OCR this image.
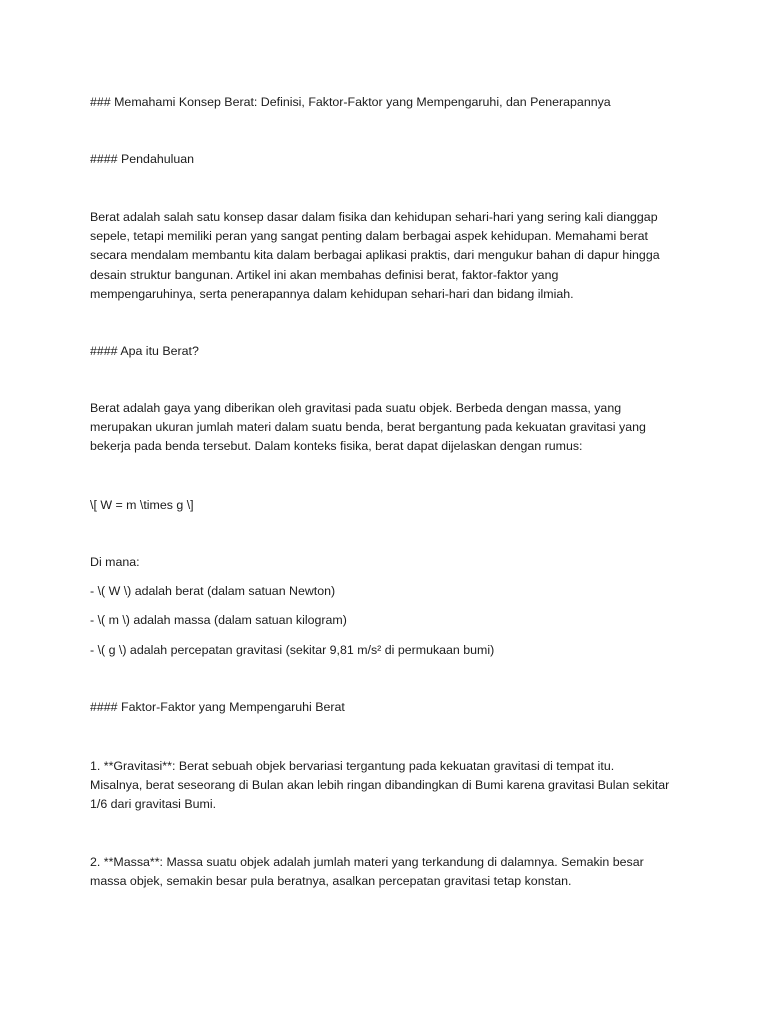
### Memahami Konsep Berat: Definisi, Faktor-Faktor yang Mempengaruhi, dan Penerapannya

#### Pendahuluan

Berat adalah salah satu konsep dasar dalam fisika dan kehidupan sehari-hari yang sering kali dianggap
sepele, tetapi memiliki peran yang sangat penting dalam berbagai aspek kehidupan. Memahami berat
secara mendalam membantu kita dalam berbagai aplikasi praktis, dari mengukur bahan di dapur hingga
desain struktur bangunan. Artikel ini akan membahas definisi berat, faktor-faktor yang
mempengaruhinya, serta penerapannya dalam kehidupan sehari-hari dan bidang ilmiah.

#### Apa itu Berat?

Berat adalah gaya yang diberikan oleh gravitasi pada suatu objek. Berbeda dengan massa, yang
merupakan ukuran jumlah materi dalam suatu benda, berat bergantung pada kekuatan gravitasi yang
bekerja pada benda tersebut. Dalam konteks fisika, berat dapat dijelaskan dengan rumus:

\[ W = m \times g \]

Di mana:

- \( W \) adalah berat (dalam satuan Newton)

- \( m \) adalah massa (dalam satuan kilogram)

- \( g \) adalah percepatan gravitasi (sekitar 9,81 m/s² di permukaan bumi)

#### Faktor-Faktor yang Mempengaruhi Berat

1. **Gravitasi**: Berat sebuah objek bervariasi tergantung pada kekuatan gravitasi di tempat itu.
Misalnya, berat seseorang di Bulan akan lebih ringan dibandingkan di Bumi karena gravitasi Bulan sekitar
1/6 dari gravitasi Bumi.
2. **Massa**: Massa suatu objek adalah jumlah materi yang terkandung di dalamnya. Semakin besar
massa objek, semakin besar pula beratnya, asalkan percepatan gravitasi tetap konstan.
